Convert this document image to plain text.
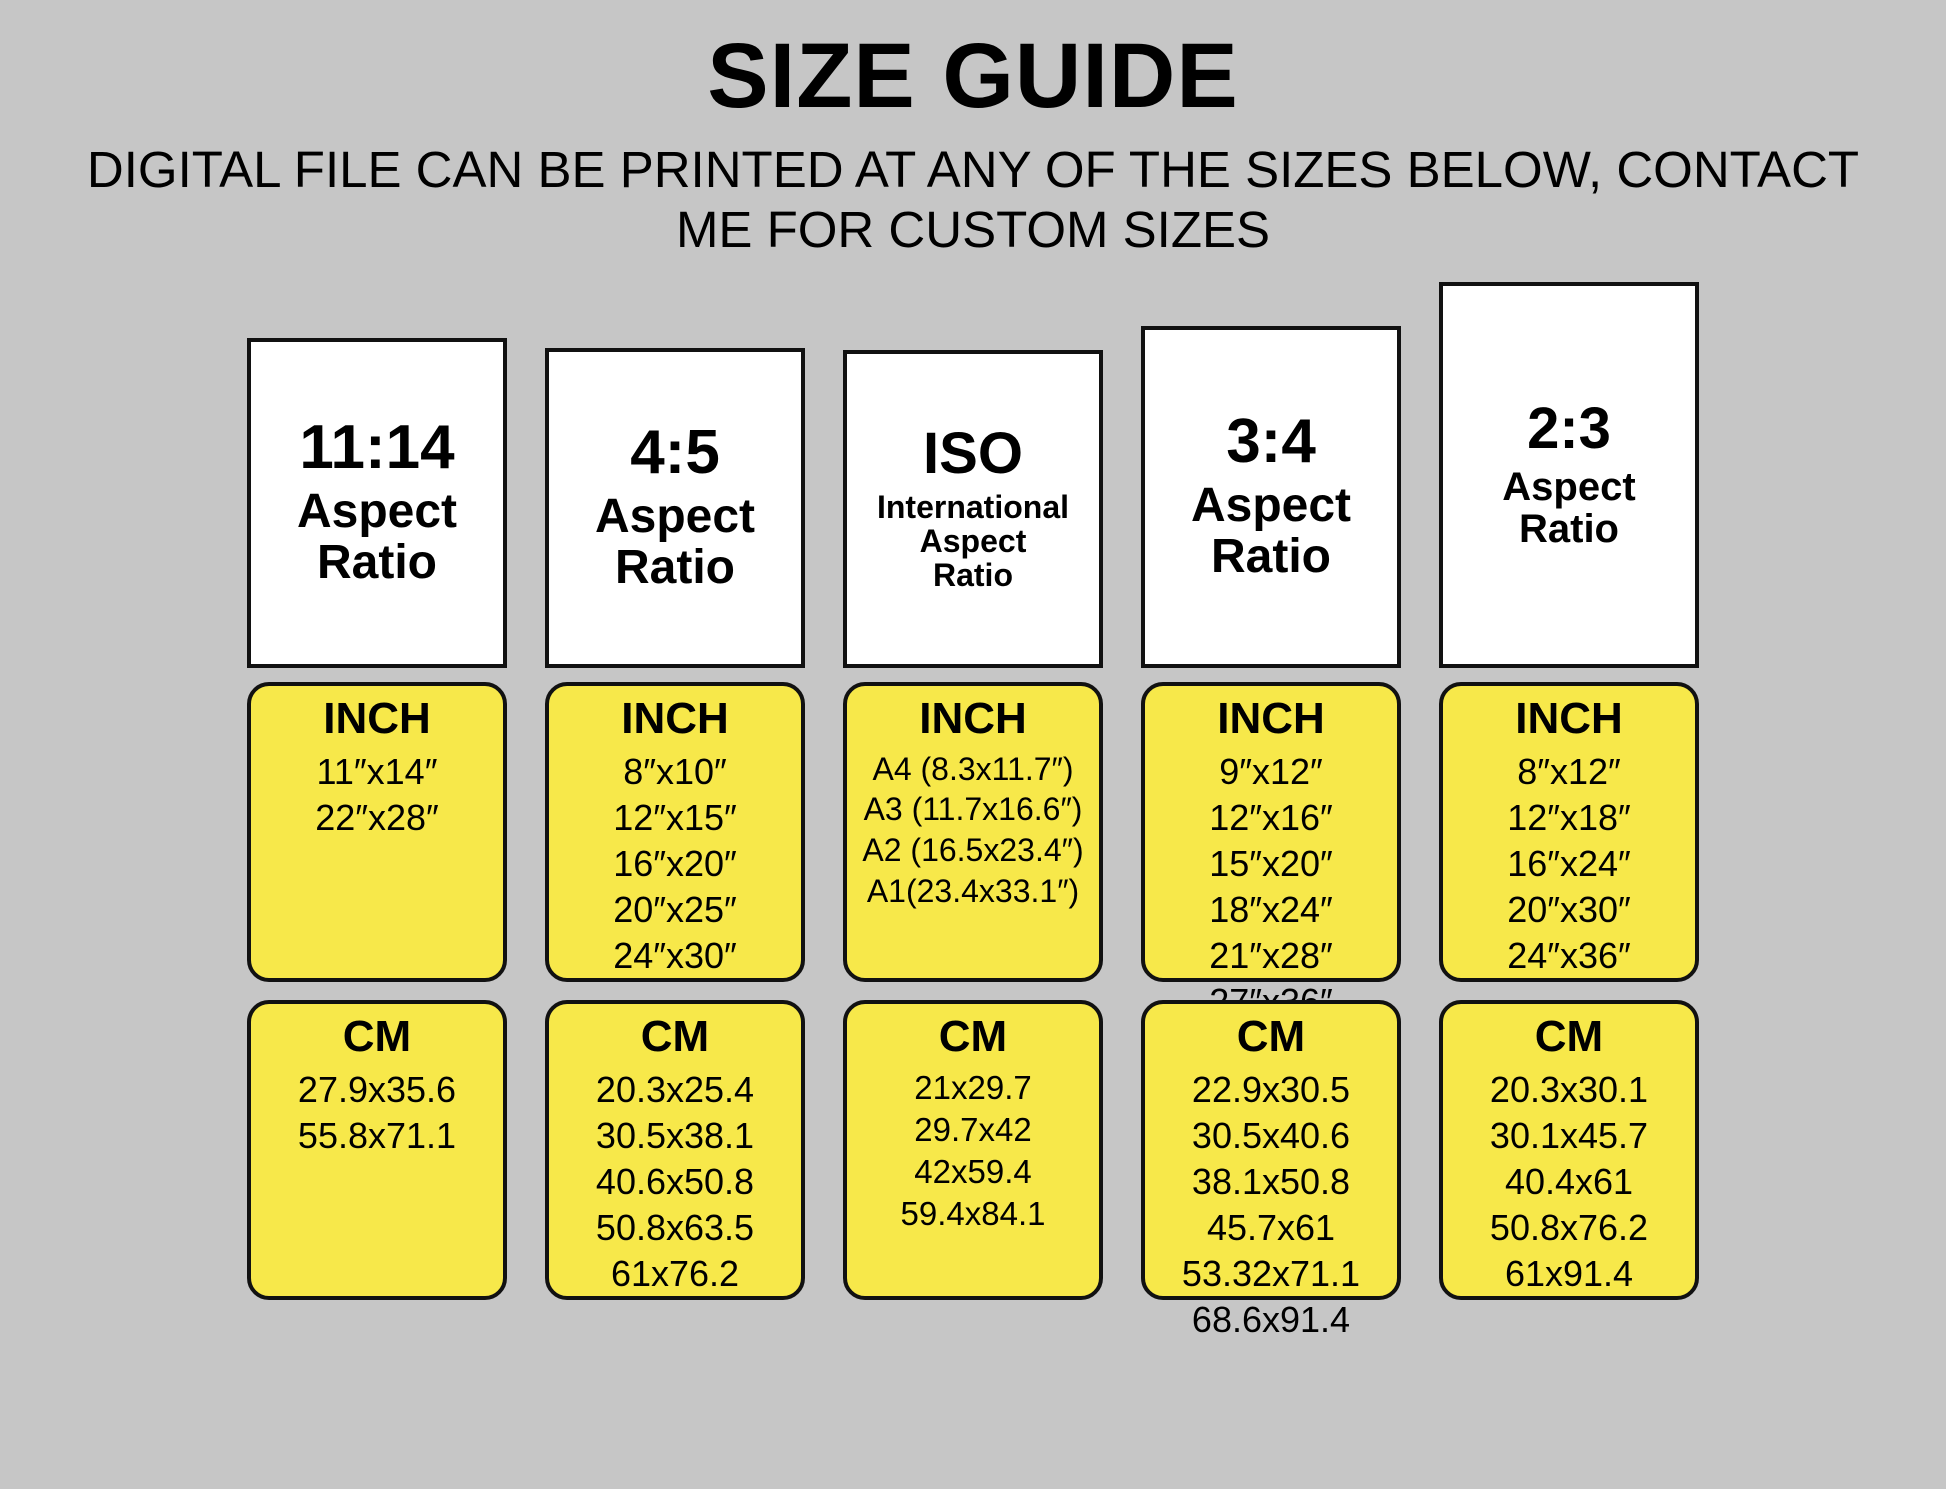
SIZE GUIDE
DIGITAL FILE CAN BE PRINTED AT ANY OF THE SIZES BELOW, CONTACT ME FOR CUSTOM SIZES
11:14
Aspect
Ratio
INCH
11″x14″
22″x28″
CM
27.9x35.6
55.8x71.1
4:5
Aspect
Ratio
INCH
8″x10″
12″x15″
16″x20″
20″x25″
24″x30″
CM
20.3x25.4
30.5x38.1
40.6x50.8
50.8x63.5
61x76.2
ISO
International
Aspect
Ratio
INCH
A4 (8.3x11.7″)
A3 (11.7x16.6″)
A2 (16.5x23.4″)
A1(23.4x33.1″)
CM
21x29.7
29.7x42
42x59.4
59.4x84.1
3:4
Aspect
Ratio
INCH
9″x12″
12″x16″
15″x20″
18″x24″
21″x28″
CM
22.9x30.5
30.5x40.6
38.1x50.8
45.7x61
53.32x71.1
68.6x91.4
2:3
Aspect
Ratio
INCH
8″x12″
12″x18″
16″x24″
20″x30″
24″x36″
CM
20.3x30.1
30.1x45.7
40.4x61
50.8x76.2
61x91.4
